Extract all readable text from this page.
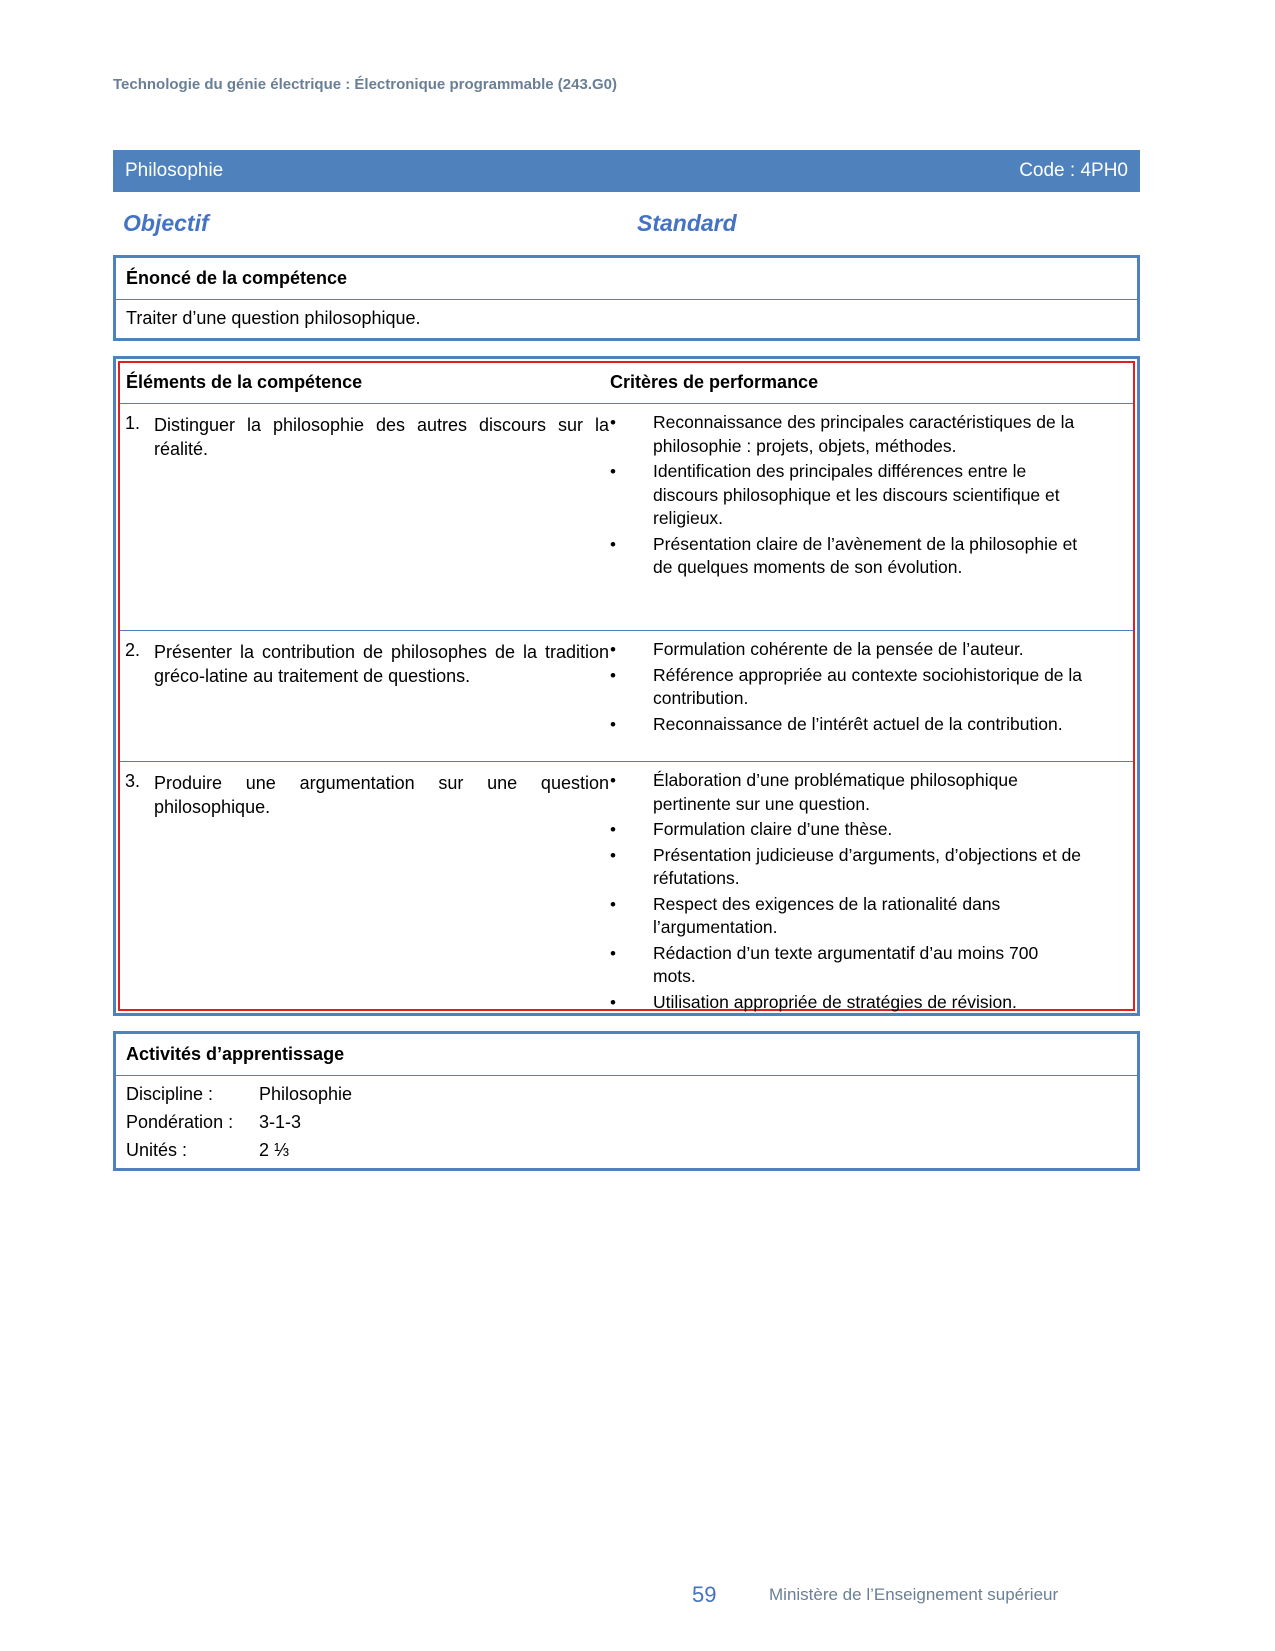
Technologie du génie électrique : Électronique programmable (243.G0)
Philosophie	Code : 4PH0
Objectif	Standard
Énoncé de la compétence
Traiter d’une question philosophique.
Éléments de la compétence	Critères de performance
1. Distinguer la philosophie des autres discours sur la réalité.
• Reconnaissance des principales caractéristiques de la philosophie : projets, objets, méthodes.
• Identification des principales différences entre le discours philosophique et les discours scientifique et religieux.
• Présentation claire de l’avènement de la philosophie et de quelques moments de son évolution.
2. Présenter la contribution de philosophes de la tradition gréco-latine au traitement de questions.
• Formulation cohérente de la pensée de l’auteur.
• Référence appropriée au contexte sociohistorique de la contribution.
• Reconnaissance de l’intérêt actuel de la contribution.
3. Produire une argumentation sur une question philosophique.
• Élaboration d’une problématique philosophique pertinente sur une question.
• Formulation claire d’une thèse.
• Présentation judicieuse d’arguments, d’objections et de réfutations.
• Respect des exigences de la rationalité dans l’argumentation.
• Rédaction d’un texte argumentatif d’au moins 700 mots.
• Utilisation appropriée de stratégies de révision.
Activités d’apprentissage
Discipline :	Philosophie
Pondération :	3-1-3
Unités :	2 ⅓
59	Ministère de l’Enseignement supérieur
